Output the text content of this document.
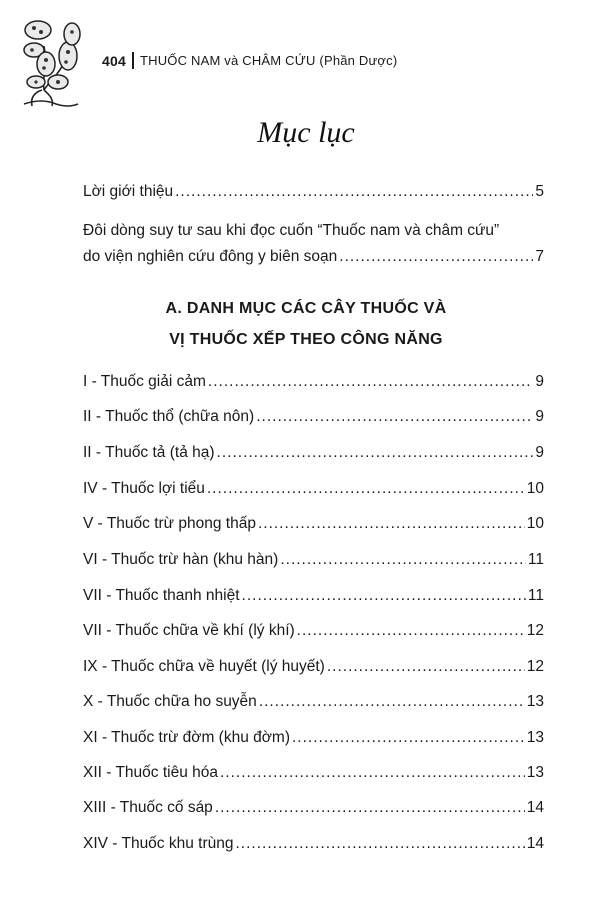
404 THUỐC NAM và CHÂM CỨU (Phần Dược)
Mục lục
Lời giới thiệu .....	5
Đôi dòng suy tư sau khi đọc cuốn “Thuốc nam và châm cứu”
do viện nghiên cứu đông y biên soạn .....	7
A. DANH MỤC CÁC CÂY THUỐC VÀ
VỊ THUỐC XẾP THEO CÔNG NĂNG
I - Thuốc giải cảm .....	9
II - Thuốc thổ (chữa nôn) .....	9
II - Thuốc tả (tả hạ) .....	9
IV - Thuốc lợi tiểu .....	10
V - Thuốc trừ phong thấp .....	10
VI - Thuốc trừ hàn (khu hàn) .....	11
VII - Thuốc thanh nhiệt .....	11
VII - Thuốc chữa về khí (lý khí) .....	12
IX - Thuốc chữa về huyết (lý huyết) .....	12
X - Thuốc chữa ho suyễn .....	13
XI - Thuốc trừ đờm (khu đờm) .....	13
XII - Thuốc tiêu hóa .....	13
XIII - Thuốc cố sáp .....	14
XIV - Thuốc khu trùng .....	14
